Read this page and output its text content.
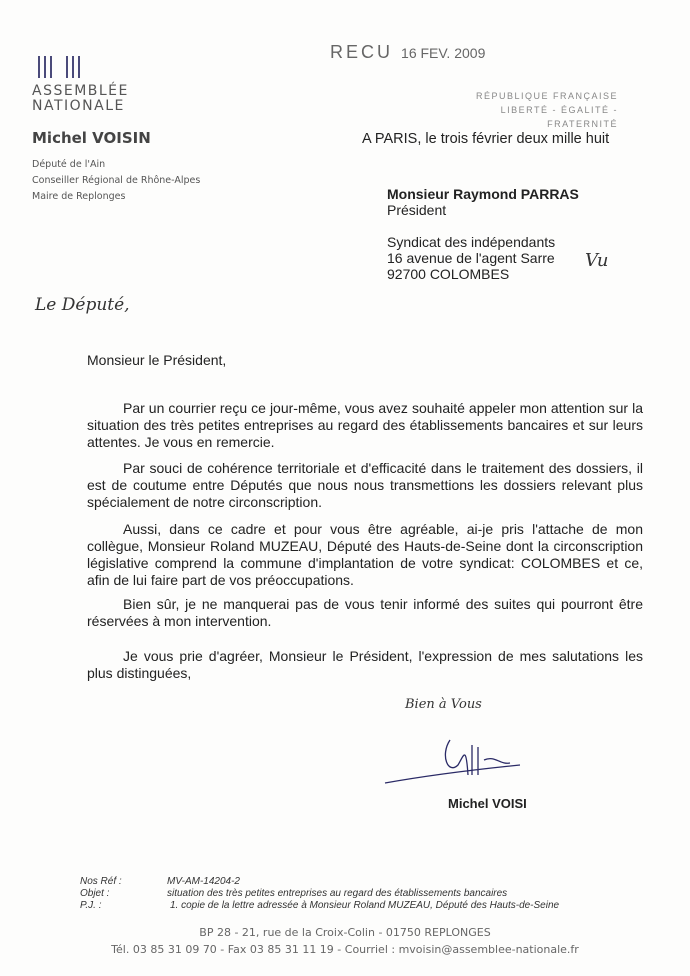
ASSEMBLÉE
NATIONALE
RECU 16 FEV. 2009
RÉPUBLIQUE FRANÇAISE
LIBERTÉ - ÉGALITÉ - FRATERNITÉ
Michel VOISIN
Député de l'Ain
Conseiller Régional de Rhône-Alpes
Maire de Replonges
A PARIS, le trois février deux mille huit
Monsieur Raymond PARRAS
Président
Syndicat des indépendants
16 avenue de l'agent Sarre
92700 COLOMBES
Vu
Le Député,
Monsieur le Président,
Par un courrier reçu ce jour-même, vous avez souhaité appeler mon attention sur la situation des très petites entreprises au regard des établissements bancaires et sur leurs attentes. Je vous en remercie.
Par souci de cohérence territoriale et d'efficacité dans le traitement des dossiers, il est de coutume entre Députés que nous nous transmettions les dossiers relevant plus spécialement de notre circonscription.
Aussi, dans ce cadre et pour vous être agréable, ai-je pris l'attache de mon collègue, Monsieur Roland MUZEAU, Député des Hauts-de-Seine dont la circonscription législative comprend la commune d'implantation de votre syndicat: COLOMBES et ce, afin de lui faire part de vos préoccupations.
Bien sûr, je ne manquerai pas de vous tenir informé des suites qui pourront être réservées à mon intervention.
Je vous prie d'agréer, Monsieur le Président, l'expression de mes salutations les plus distinguées,
Bien à Vous
Michel VOISI
Nos Réf :	MV-AM-14204-2
Objet :	situation des très petites entreprises au regard des établissements bancaires
P.J. :	1. copie de la lettre adressée à Monsieur Roland MUZEAU, Député des Hauts-de-Seine
BP 28 - 21, rue de la Croix-Colin - 01750 REPLONGES
Tél. 03 85 31 09 70 - Fax 03 85 31 11 19 - Courriel : mvoisin@assemblee-nationale.fr
